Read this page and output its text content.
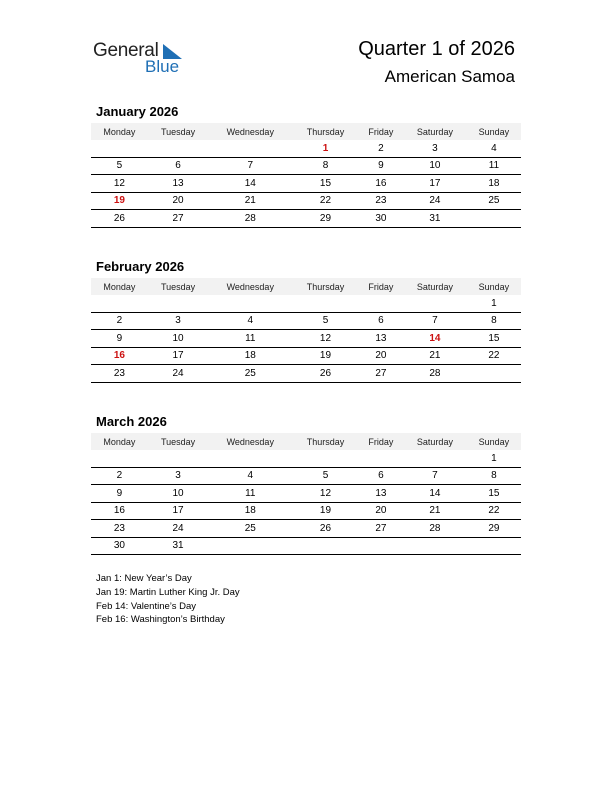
General
Blue
Quarter 1 of 2026
American Samoa
January 2026
Monday	Tuesday	Wednesday	Thursday	Friday	Saturday	Sunday
			1	2	3	4
5	6	7	8	9	10	11
12	13	14	15	16	17	18
19	20	21	22	23	24	25
26	27	28	29	30	31	
February 2026
Monday	Tuesday	Wednesday	Thursday	Friday	Saturday	Sunday
						1
2	3	4	5	6	7	8
9	10	11	12	13	14	15
16	17	18	19	20	21	22
23	24	25	26	27	28	
March 2026
Monday	Tuesday	Wednesday	Thursday	Friday	Saturday	Sunday
						1
2	3	4	5	6	7	8
9	10	11	12	13	14	15
16	17	18	19	20	21	22
23	24	25	26	27	28	29
30	31					
Jan 1: New Year’s Day
Jan 19: Martin Luther King Jr. Day
Feb 14: Valentine’s Day
Feb 16: Washington’s Birthday
